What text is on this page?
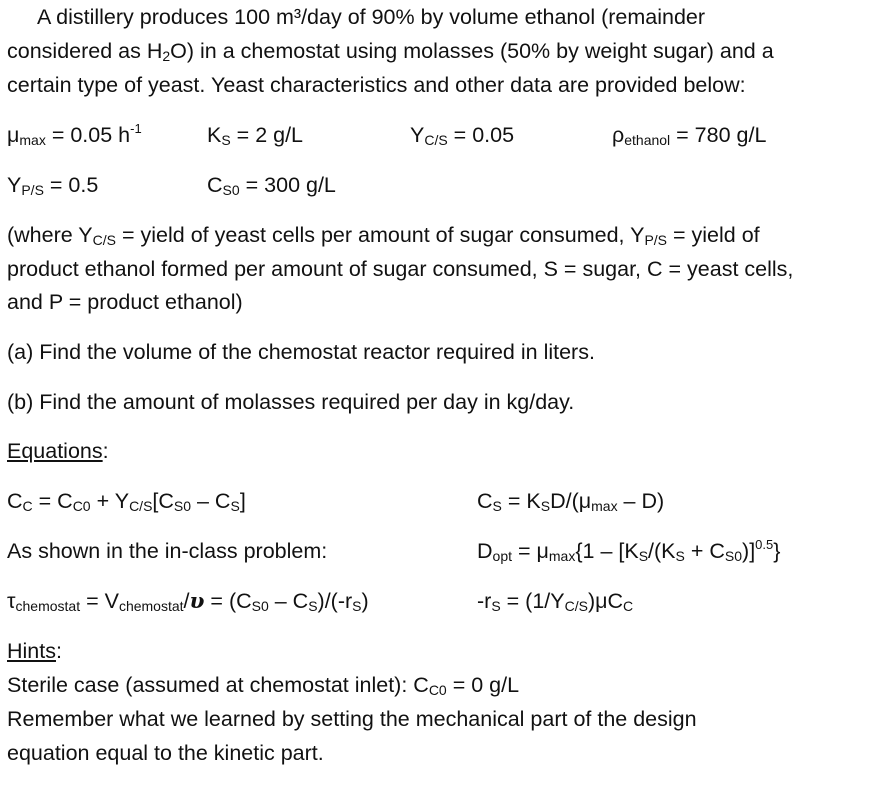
A distillery produces 100 m³/day of 90% by volume ethanol (remainder
considered as $H_2O$) in a chemostat using molasses (50% by weight sugar) and a
certain type of yeast. Yeast characteristics and other data are provided below:
$\mu_{max} = 0.05$ $h^{-1}$	$K_S = 2$ g/L	$Y_{C/S} = 0.05$	$\rho_{ethanol} = 780$ g/L
$Y_{P/S} = 0.5$	$C_{S0} = 300$ g/L
(where $Y_{C/S}$ = yield of yeast cells per amount of sugar consumed, $Y_{P/S}$ = yield of
product ethanol formed per amount of sugar consumed, S = sugar, C = yeast cells,
and P = product ethanol)
(a) Find the volume of the chemostat reactor required in liters.
(b) Find the amount of molasses required per day in kg/day.
Equations:
$C_C = C_{C0} + Y_{C/S}[C_{S0} - C_S]$	$C_S = K_SD/(\mu_{max} - D)$
As shown in the in-class problem:	$D_{opt} = \mu_{max}\{1 - [K_S/(K_S + C_{S0})]^{0.5}\}$
$\tau_{chemostat} = V_{chemostat}/\upsilon = (C_{S0} - C_S)/(-r_S)$	$-r_S = (1/Y_{C/S})\mu C_C$
Hints:
Sterile case (assumed at chemostat inlet): $C_{C0} = 0$ g/L
Remember what we learned by setting the mechanical part of the design
equation equal to the kinetic part.
